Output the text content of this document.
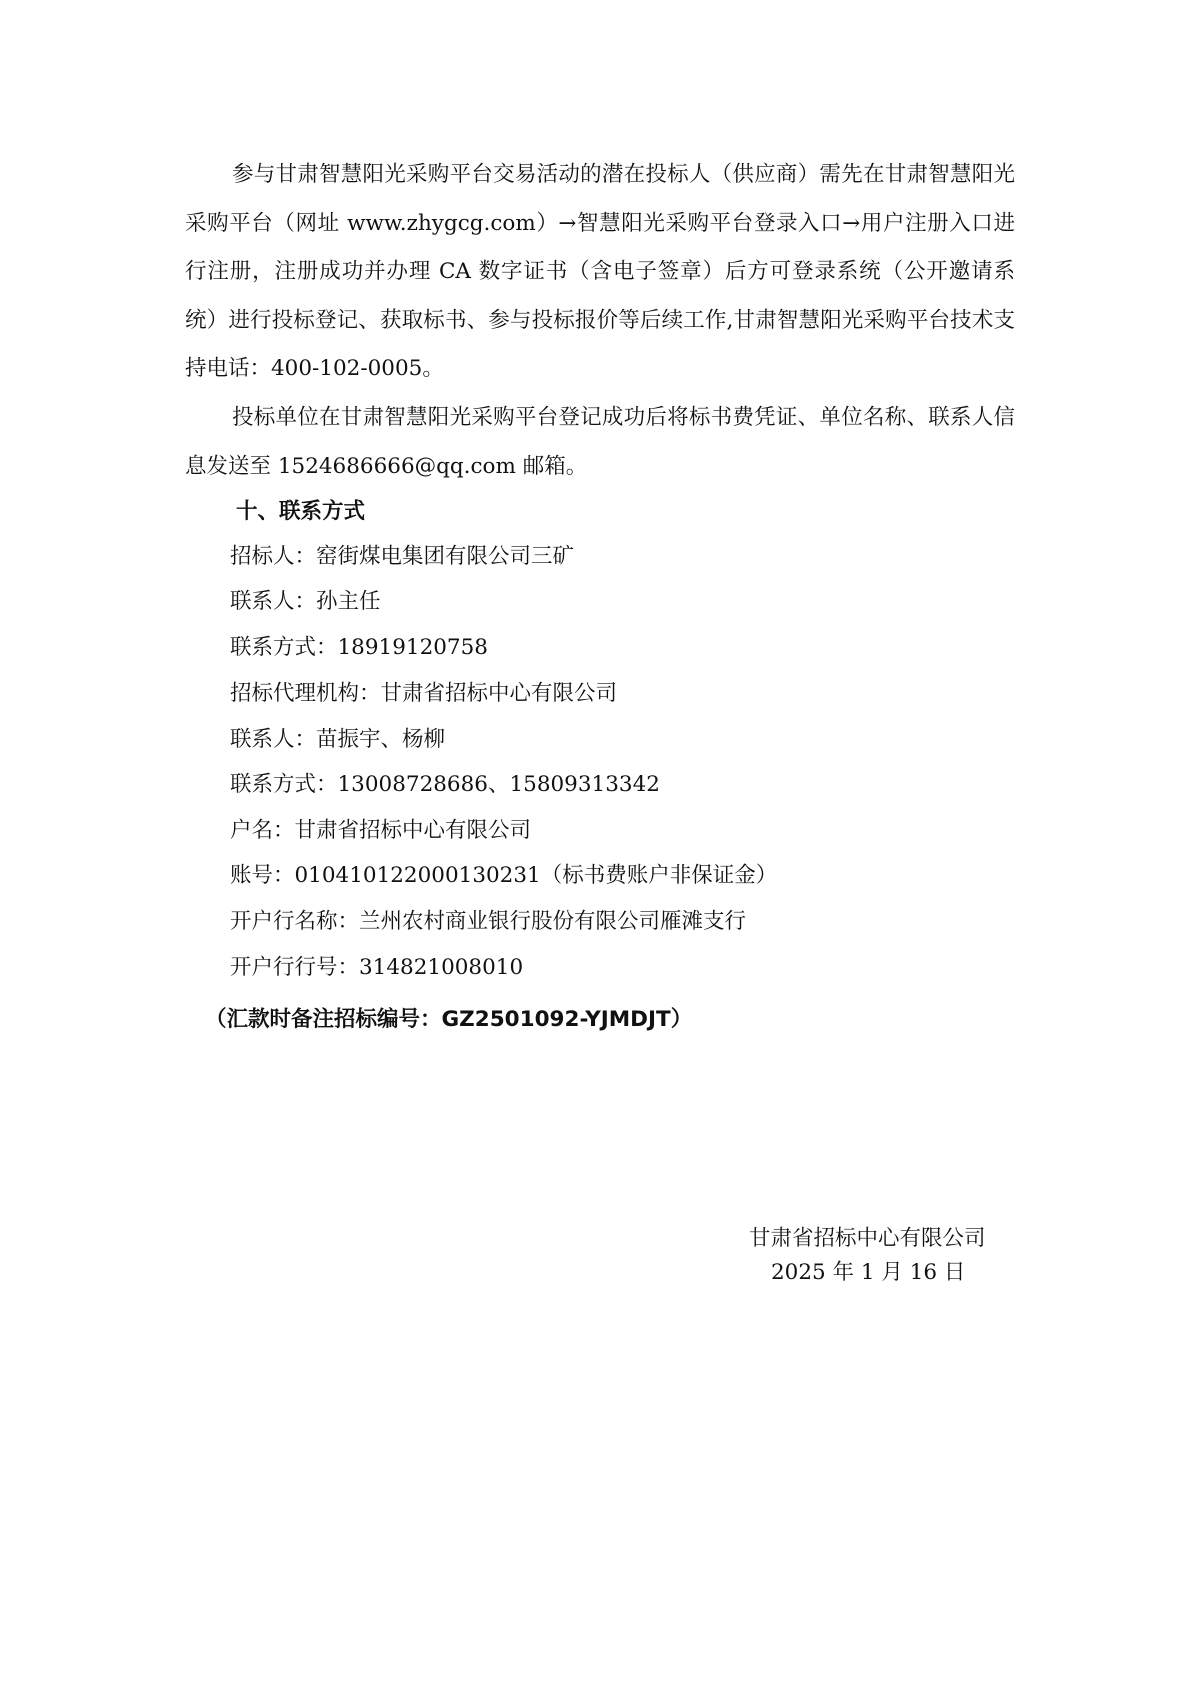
参与甘肃智慧阳光采购平台交易活动的潜在投标人（供应商）需先在甘肃智慧阳光采购平台（网址 www.zhygcg.com）→智慧阳光采购平台登录入口→用户注册入口进行注册，注册成功并办理 CA 数字证书（含电子签章）后方可登录系统（公开邀请系统）进行投标登记、获取标书、参与投标报价等后续工作,甘肃智慧阳光采购平台技术支持电话：400-102-0005。

投标单位在甘肃智慧阳光采购平台登记成功后将标书费凭证、单位名称、联系人信息发送至 1524686666@qq.com 邮箱。

十、联系方式

招标人：窑街煤电集团有限公司三矿

联系人：孙主任

联系方式：18919120758

招标代理机构：甘肃省招标中心有限公司

联系人：苗振宇、杨柳

联系方式：13008728686、15809313342

户名：甘肃省招标中心有限公司

账号：010410122000130231（标书费账户非保证金）

开户行名称：兰州农村商业银行股份有限公司雁滩支行

开户行行号：314821008010

（汇款时备注招标编号：GZ2501092-YJMDJT）

甘肃省招标中心有限公司

2025 年 1 月 16 日
